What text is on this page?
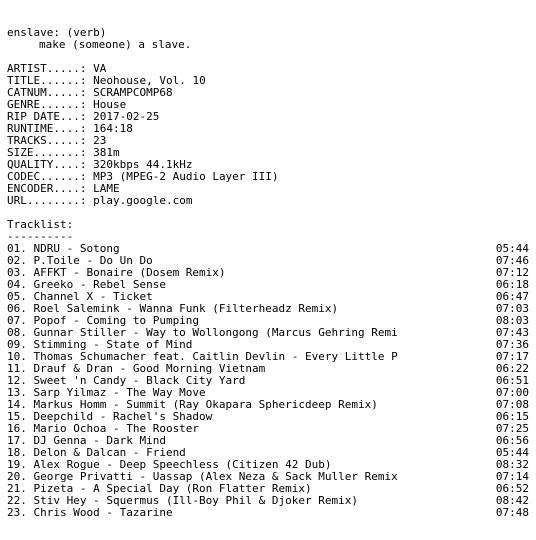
enslave: (verb)
make (someone) a slave.
ARTIST.....: VA
TITLE......: Neohouse, Vol. 10
CATNUM.....: SCRAMPCOMP68
GENRE......: House
RIP DATE...: 2017-02-25
RUNTIME....: 164:18
TRACKS.....: 23
SIZE.......: 381m
QUALITY....: 320kbps 44.1kHz
CODEC......: MP3 (MPEG-2 Audio Layer III)
ENCODER....: LAME
URL........: play.google.com
Tracklist:
----------
01. NDRU - Sotong	05:44
02. P.Toile - Do Un Do	07:46
03. AFFKT - Bonaire (Dosem Remix)	07:12
04. Greeko - Rebel Sense	06:18
05. Channel X - Ticket	06:47
06. Roel Salemink - Wanna Funk (Filterheadz Remix)	07:03
07. Popof - Coming to Pumping	08:03
08. Gunnar Stiller - Way to Wollongong (Marcus Gehring Remi	07:43
09. Stimming - State of Mind	07:36
10. Thomas Schumacher feat. Caitlin Devlin - Every Little P	07:17
11. Drauf & Dran - Good Morning Vietnam	06:22
12. Sweet 'n Candy - Black City Yard	06:51
13. Sarp Yilmaz - The Way Move	07:00
14. Markus Homm - Summit (Ray Okapara Sphericdeep Remix)	07:08
15. Deepchild - Rachel's Shadow	06:15
16. Mario Ochoa - The Rooster	07:25
17. DJ Genna - Dark Mind	06:56
18. Delon & Dalcan - Friend	05:44
19. Alex Rogue - Deep Speechless (Citizen 42 Dub)	08:32
20. George Privatti - Uassap (Alex Neza & Sack Muller Remix	07:14
21. Pizeta - A Special Day (Ron Flatter Remix)	06:52
22. Stiv Hey - Squermus (Ill-Boy Phil & Djoker Remix)	08:42
23. Chris Wood - Tazarine	07:48
